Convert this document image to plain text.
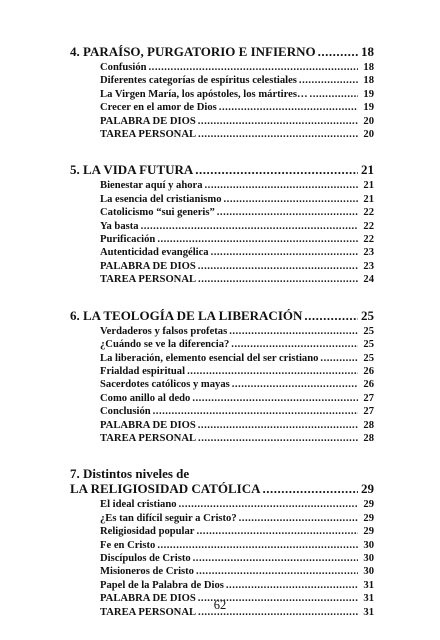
4. PARAÍSO, PURGATORIO E INFIERNO .....	18
Confusión .....	18
Diferentes categorías de espíritus celestiales .....	18
La Virgen María, los apóstoles, los mártires… .....	19
Crecer en el amor de Dios .....	19
PALABRA DE DIOS .....	20
TAREA PERSONAL .....	20
5. LA VIDA FUTURA .....	21
Bienestar aquí y ahora .....	21
La esencia del cristianismo .....	21
Catolicismo “sui generis” .....	22
Ya basta .....	22
Purificación .....	22
Autenticidad evangélica .....	23
PALABRA DE DIOS .....	23
TAREA PERSONAL .....	24
6. LA TEOLOGÍA DE LA LIBERACIÓN .....	25
Verdaderos y falsos profetas .....	25
¿Cuándo se ve la diferencia? .....	25
La liberación, elemento esencial del ser cristiano .....	25
Frialdad espiritual .....	26
Sacerdotes católicos y mayas .....	26
Como anillo al dedo .....	27
Conclusión .....	27
PALABRA DE DIOS .....	28
TAREA PERSONAL .....	28
7. Distintos niveles de
LA RELIGIOSIDAD CATÓLICA .....	29
El ideal cristiano .....	29
¿Es tan difícil seguir a Cristo? .....	29
Religiosidad popular .....	29
Fe en Cristo .....	30
Discípulos de Cristo .....	30
Misioneros de Cristo .....	30
Papel de la Palabra de Dios .....	31
PALABRA DE DIOS .....	31
TAREA PERSONAL .....	31
62
